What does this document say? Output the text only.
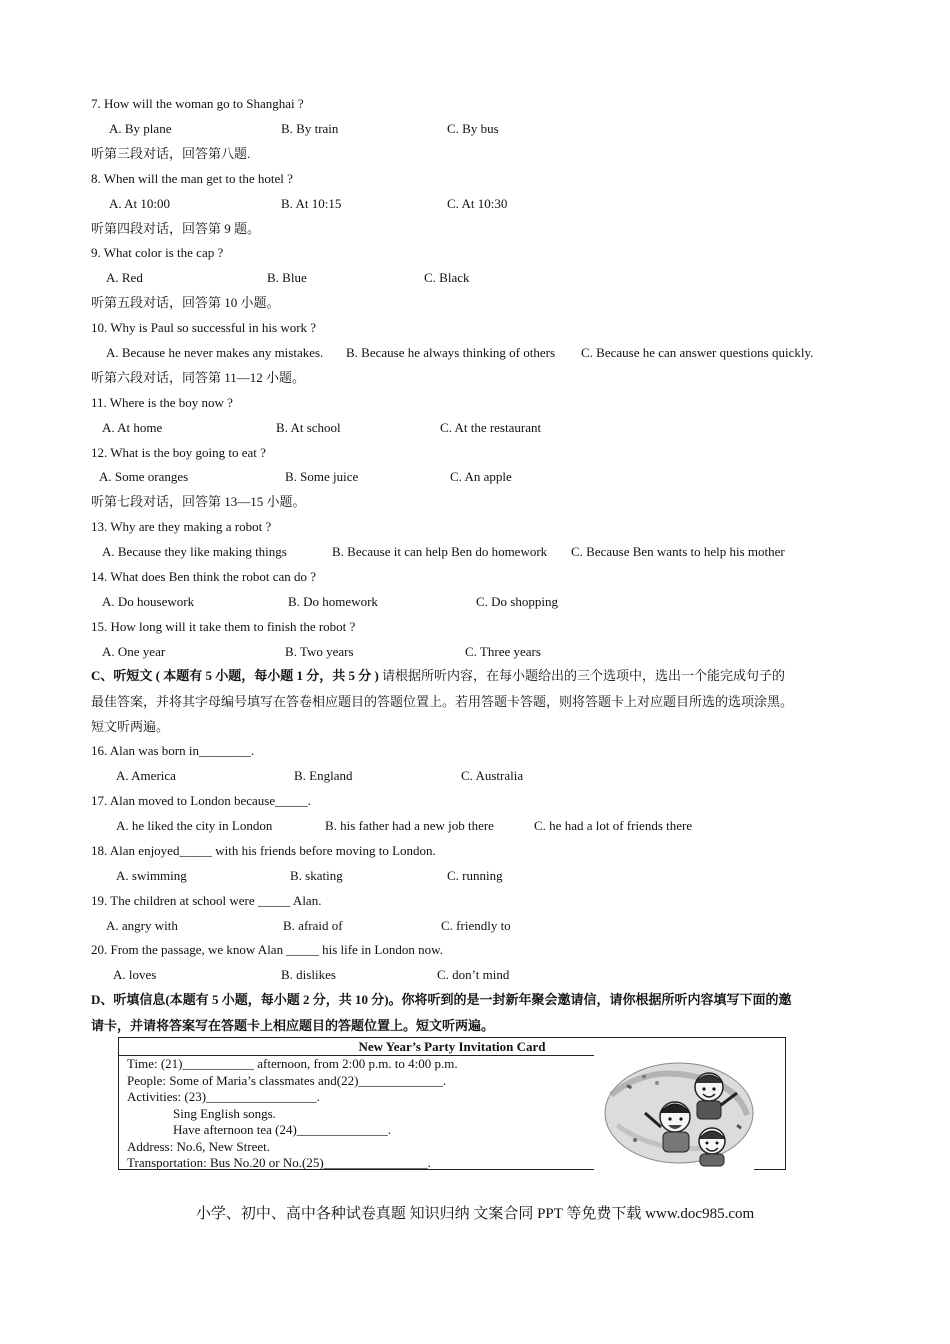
7. How will the woman go to Shanghai ?
A. By plane	B. By train	C. By bus
听第三段对话，回答第八题.
8. When will the man get to the hotel ?
A. At 10:00	B. At 10:15	C. At 10:30
听第四段对话，回答第 9 题。
9. What color is the cap ?
A. Red	B. Blue	C. Black
听第五段对话，回答第 10 小题。
10. Why is Paul so successful in his work ?
A. Because he never makes any mistakes. B. Because he always thinking of others C. Because he can answer questions quickly.
听第六段对话，同答第 11—12 小题。
11. Where is the boy now ?
A. At home	B. At school	C. At the restaurant
12. What is the boy going to eat ?
A. Some oranges	B. Some juice	C. An apple
听第七段对话，回答第 13—15 小题。
13. Why are they making a robot ?
A. Because they like making things	B. Because it can help Ben do homework C. Because Ben wants to help his mother
14. What does Ben think the robot can do ?
A. Do housework	B. Do homework	C. Do shopping
15. How long will it take them to finish the robot ?
A. One year	B. Two years	C. Three years
C、听短文 ( 本题有 5 小题，每小题 1 分，共 5 分 ) 请根据所听内容，在每小题给出的三个选项中，选出一个能完成句子的
最佳答案，并将其字母编号填写在答卷相应题目的答题位置上。若用答题卡答题，则将答题卡上对应题目所选的选项涂黑。
短文听两遍。
16. Alan was born in________.
A. America	B. England	C. Australia
17. Alan moved to London because_____.
A. he liked the city in London	B. his father had a new job there	C. he had a lot of friends there
18. Alan enjoyed_____ with his friends before moving to London.
A. swimming	B. skating	C. running
19. The children at school were _____ Alan.
A. angry with	B. afraid of	C. friendly to
20. From the passage, we know Alan _____ his life in London now.
A. loves	B. dislikes	C. don’t mind
D、听填信息(本题有 5 小题，每小题 2 分，共 10 分)。你将听到的是一封新年聚会邀请信，请你根据所听内容填写下面的邀
请卡，并请将答案写在答题卡上相应题目的答题位置上。短文听两遍。
New Year’s Party Invitation Card
Time: (21)___________ afternoon, from 2:00 p.m. to 4:00 p.m.
People: Some of Maria’s classmates and(22)_____________.
Activities: (23)_________________.
Sing English songs.
Have afternoon tea (24)______________.
Address: No.6, New Street.
Transportation: Bus No.20 or No.(25)________________.
小学、初中、高中各种试卷真题 知识归纳 文案合同 PPT 等免费下载 www.doc985.com
